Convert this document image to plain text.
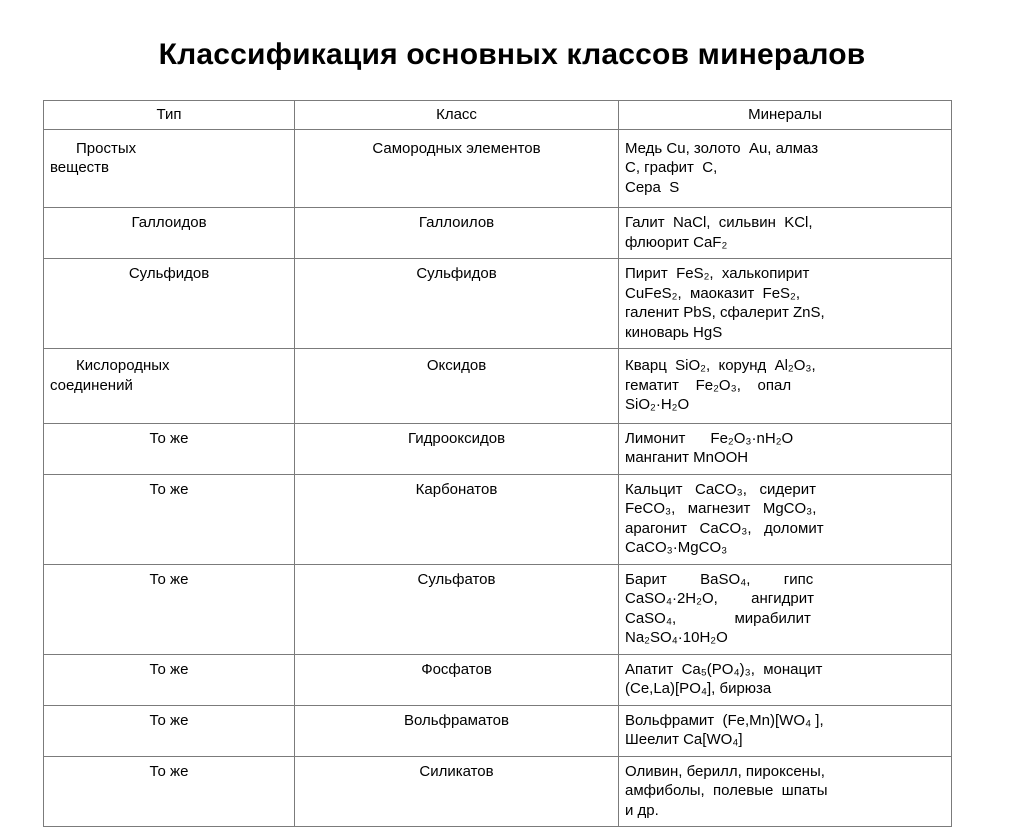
Классификация основных классов минералов
Тип	Класс	Минералы

Простых
веществ	Самородных элементов	Медь Cu, золото  Au, алмаз
С, графит  C,
Сера  S

Галлоидов	Галлоилов	Галит  NaCl,  сильвин  KCl,
флюорит CaF₂

Сульфидов	Сульфидов	Пирит  FeS₂,  халькопирит
CuFeS₂,  маоказит  FeS₂,
галенит PbS, сфалерит ZnS,
киноварь HgS

Кислородных
соединений	Оксидов	Кварц  SiO₂,  корунд  Al₂O₃,
гематит    Fe₂O₃,    опал
SiO₂·H₂O

То же	Гидрооксидов	Лимонит      Fe₂O₃·nH₂O
манганит MnOOH

То же	Карбонатов	Кальцит   CaCO₃,   сидерит
FeCO₃,   магнезит   MgCO₃,
арагонит   CaCO₃,   доломит
CaCO₃·MgCO₃

То же	Сульфатов	Барит        BaSO₄,        гипс
CaSO₄·2H₂O,        ангидрит
CaSO₄,              мирабилит
Na₂SO₄·10H₂O

То же	Фосфатов	Апатит  Ca₅(PO₄)₃,  монацит
(Ce,La)[PO₄], бирюза

То же	Вольфраматов	Вольфрамит  (Fe,Mn)[WO₄ ],
Шеелит Ca[WO₄]

То же	Силикатов	Оливин, берилл, пироксены,
амфиболы,  полевые  шпаты
и др.
